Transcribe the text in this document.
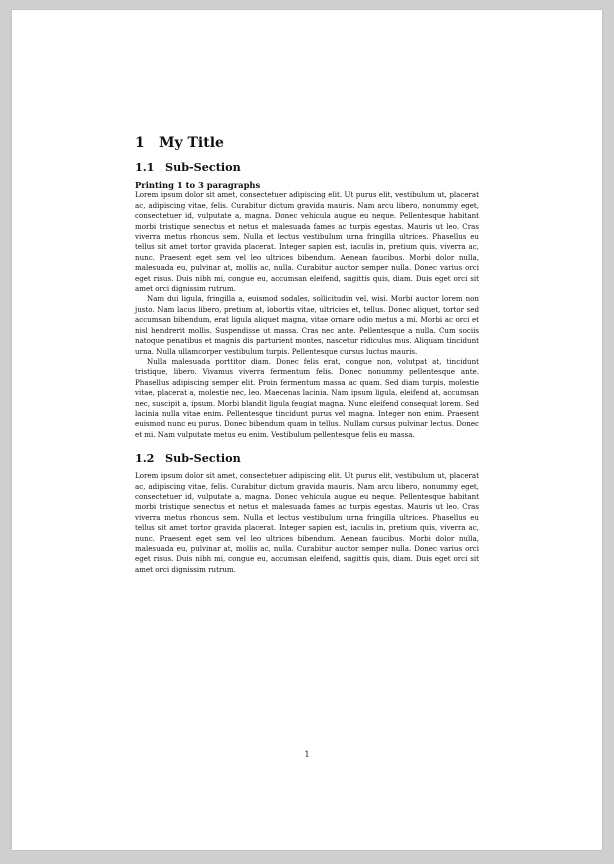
1 My Title
1.1 Sub-Section
Printing 1 to 3 paragraphs

Lorem ipsum dolor sit amet, consectetuer adipiscing elit. Ut purus elit, vestibulum ut, placerat ac, adipiscing vitae, felis. Curabitur dictum gravida mauris. Nam arcu libero, nonummy eget, consectetuer id, vulputate a, magna. Donec vehicula augue eu neque. Pellentesque habitant morbi tristique senectus et netus et malesuada fames ac turpis egestas. Mauris ut leo. Cras viverra metus rhoncus sem. Nulla et lectus vestibulum urna fringilla ultrices. Phasellus eu tellus sit amet tortor gravida placerat. Integer sapien est, iaculis in, pretium quis, viverra ac, nunc. Praesent eget sem vel leo ultrices bibendum. Aenean faucibus. Morbi dolor nulla, malesuada eu, pulvinar at, mollis ac, nulla. Curabitur auctor semper nulla. Donec varius orci eget risus. Duis nibh mi, congue eu, accumsan eleifend, sagittis quis, diam. Duis eget orci sit amet orci dignissim rutrum.

Nam dui ligula, fringilla a, euismod sodales, sollicitudin vel, wisi. Morbi auctor lorem non justo. Nam lacus libero, pretium at, lobortis vitae, ultricies et, tellus. Donec aliquet, tortor sed accumsan bibendum, erat ligula aliquet magna, vitae ornare odio metus a mi. Morbi ac orci et nisl hendrerit mollis. Suspendisse ut massa. Cras nec ante. Pellentesque a nulla. Cum sociis natoque penatibus et magnis dis parturient montes, nascetur ridiculus mus. Aliquam tincidunt urna. Nulla ullamcorper vestibulum turpis. Pellentesque cursus luctus mauris.

Nulla malesuada porttitor diam. Donec felis erat, congue non, volutpat at, tincidunt tristique, libero. Vivamus viverra fermentum felis. Donec nonummy pellentesque ante. Phasellus adipiscing semper elit. Proin fermentum massa ac quam. Sed diam turpis, molestie vitae, placerat a, molestie nec, leo. Maecenas lacinia. Nam ipsum ligula, eleifend at, accumsan nec, suscipit a, ipsum. Morbi blandit ligula feugiat magna. Nunc eleifend consequat lorem. Sed lacinia nulla vitae enim. Pellentesque tincidunt purus vel magna. Integer non enim. Praesent euismod nunc eu purus. Donec bibendum quam in tellus. Nullam cursus pulvinar lectus. Donec et mi. Nam vulputate metus eu enim. Vestibulum pellentesque felis eu massa.

1.2 Sub-Section

Lorem ipsum dolor sit amet, consectetuer adipiscing elit. Ut purus elit, vestibulum ut, placerat ac, adipiscing vitae, felis. Curabitur dictum gravida mauris. Nam arcu libero, nonummy eget, consectetuer id, vulputate a, magna. Donec vehicula augue eu neque. Pellentesque habitant morbi tristique senectus et netus et malesuada fames ac turpis egestas. Mauris ut leo. Cras viverra metus rhoncus sem. Nulla et lectus vestibulum urna fringilla ultrices. Phasellus eu tellus sit amet tortor gravida placerat. Integer sapien est, iaculis in, pretium quis, viverra ac, nunc. Praesent eget sem vel leo ultrices bibendum. Aenean faucibus. Morbi dolor nulla, malesuada eu, pulvinar at, mollis ac, nulla. Curabitur auctor semper nulla. Donec varius orci eget risus. Duis nibh mi, congue eu, accumsan eleifend, sagittis quis, diam. Duis eget orci sit amet orci dignissim rutrum.

1
